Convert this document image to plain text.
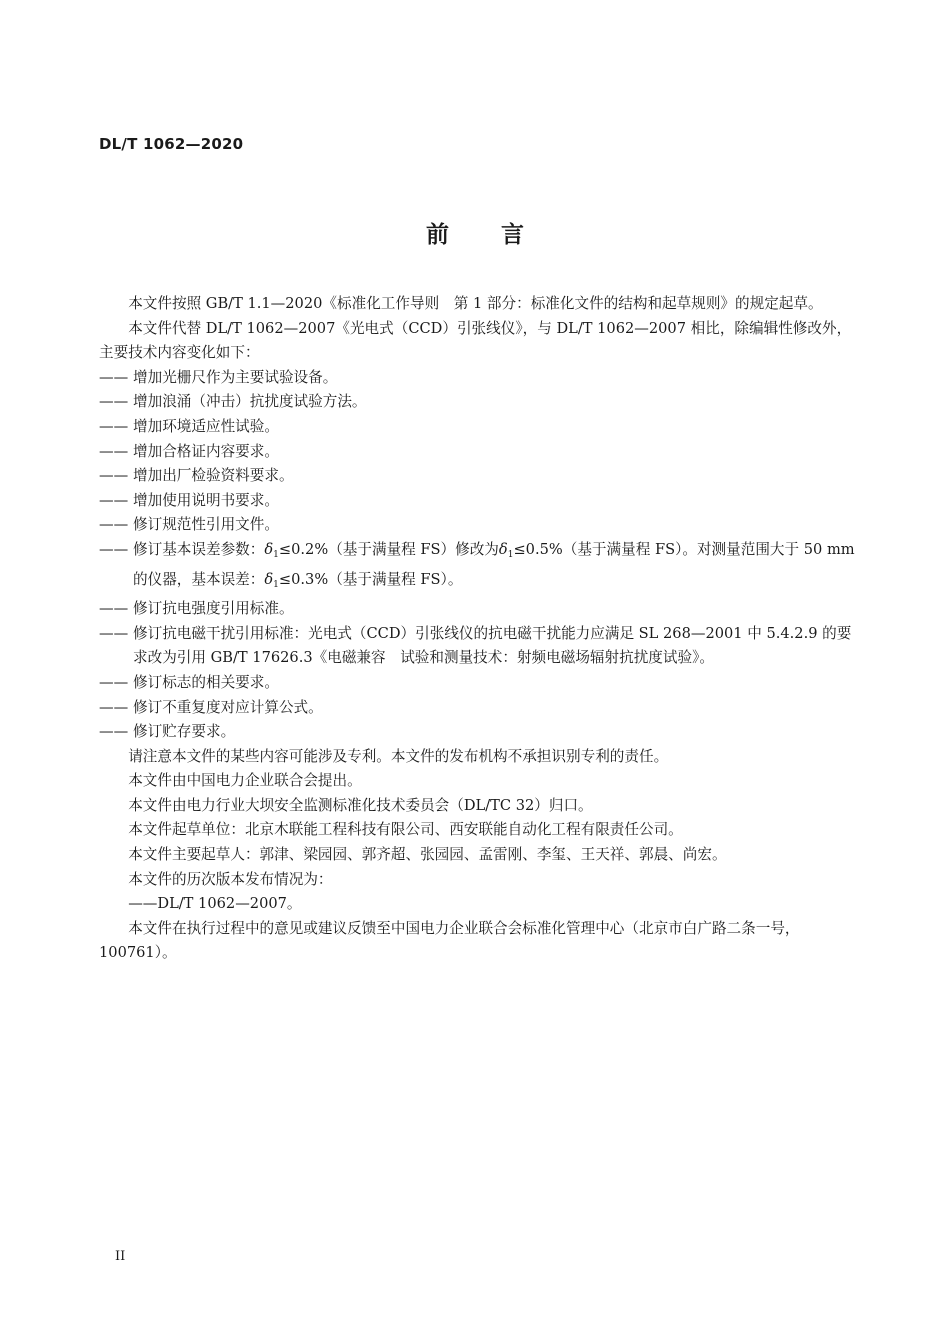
DL/T 1062—2020
前 言

本文件按照 GB/T 1.1—2020《标准化工作导则　第 1 部分：标准化文件的结构和起草规则》的规定起草。

本文件代替 DL/T 1062—2007《光电式（CCD）引张线仪》，与 DL/T 1062—2007 相比，除编辑性修改外，主要技术内容变化如下：

—— 增加光栅尺作为主要试验设备。

—— 增加浪涌（冲击）抗扰度试验方法。

—— 增加环境适应性试验。

—— 增加合格证内容要求。

—— 增加出厂检验资料要求。

—— 增加使用说明书要求。

—— 修订规范性引用文件。

—— 修订基本误差参数：$\delta_1\le 0.2\%$（基于满量程 FS）修改为$\delta_1\le 0.5\%$（基于满量程 FS）。对测量范围大于 50 mm 的仪器，基本误差：$\delta_1\le 0.3\%$（基于满量程 FS）。

—— 修订抗电强度引用标准。

—— 修订抗电磁干扰引用标准：光电式（CCD）引张线仪的抗电磁干扰能力应满足 SL 268—2001 中 5.4.2.9 的要求改为引用 GB/T 17626.3《电磁兼容　试验和测量技术：射频电磁场辐射抗扰度试验》。

—— 修订标志的相关要求。

—— 修订不重复度对应计算公式。

—— 修订贮存要求。

请注意本文件的某些内容可能涉及专利。本文件的发布机构不承担识别专利的责任。

本文件由中国电力企业联合会提出。

本文件由电力行业大坝安全监测标准化技术委员会（DL/TC 32）归口。

本文件起草单位：北京木联能工程科技有限公司、西安联能自动化工程有限责任公司。

本文件主要起草人：郭津、梁园园、郭齐超、张园园、孟雷刚、李玺、王天祥、郭晨、尚宏。

本文件的历次版本发布情况为：

——DL/T 1062—2007。

本文件在执行过程中的意见或建议反馈至中国电力企业联合会标准化管理中心（北京市白广路二条一号，100761）。

II
